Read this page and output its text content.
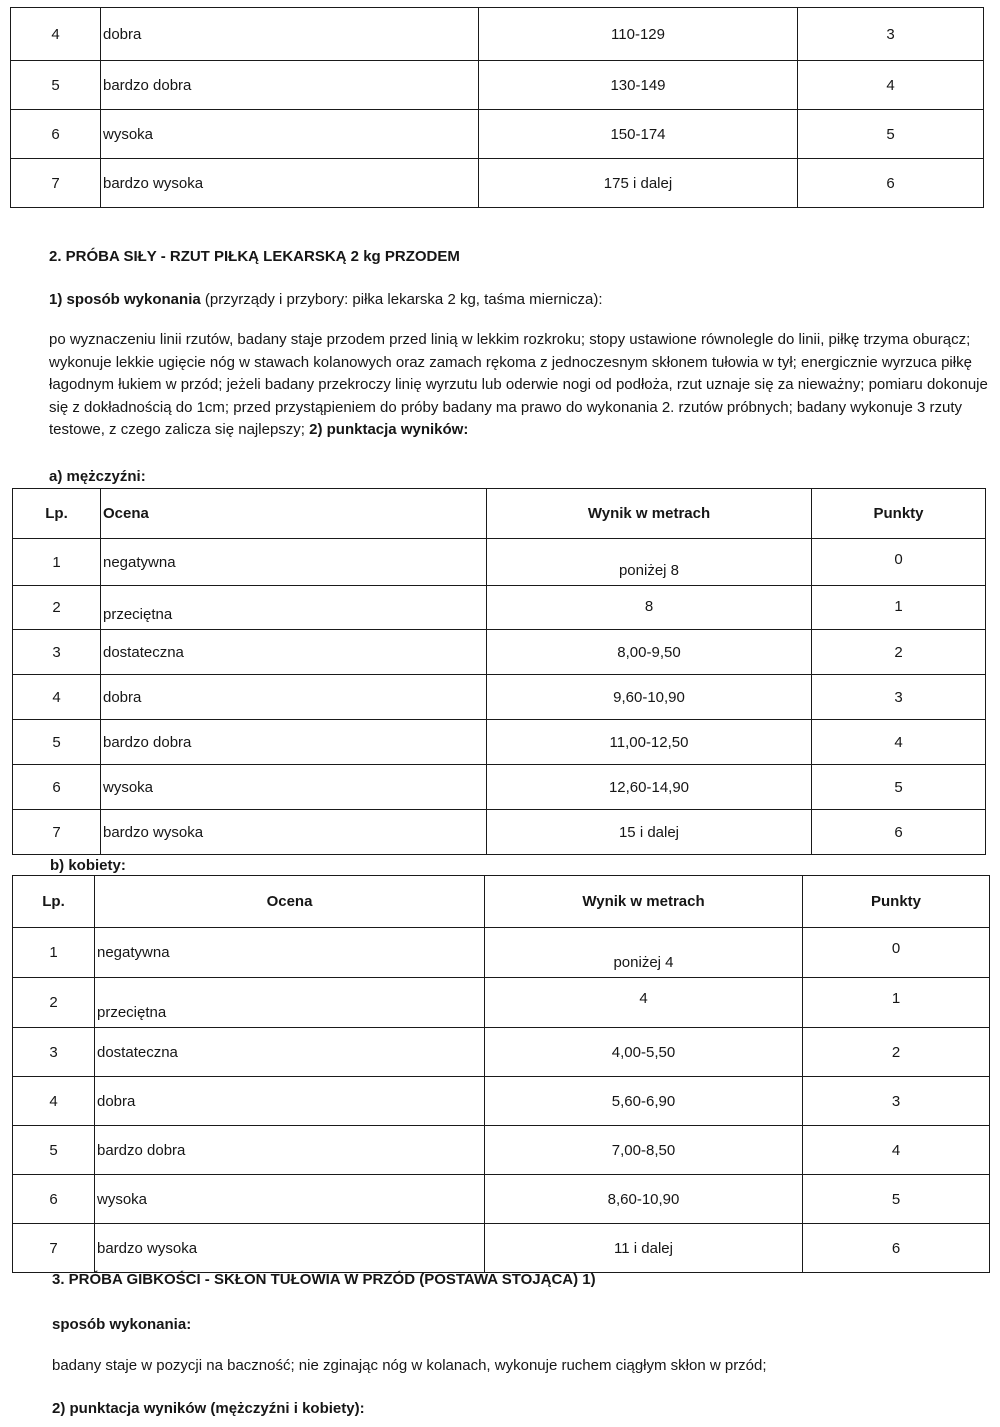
4	dobra	110-129	3
5	bardzo dobra	130-149	4
6	wysoka	150-174	5
7	bardzo wysoka	175 i dalej	6
2. PRÓBA SIŁY - RZUT PIŁKĄ LEKARSKĄ 2 kg PRZODEM
1) sposób wykonania (przyrządy i przybory: piłka lekarska 2 kg, taśma miernicza):
po wyznaczeniu linii rzutów, badany staje przodem przed linią w lekkim rozkroku; stopy ustawione równolegle do linii, piłkę trzyma oburącz; wykonuje lekkie ugięcie nóg w stawach kolanowych oraz zamach rękoma z jednoczesnym skłonem tułowia w tył; energicznie wyrzuca piłkę łagodnym łukiem w przód; jeżeli badany przekroczy linię wyrzutu lub oderwie nogi od podłoża, rzut uznaje się za nieważny; pomiaru dokonuje się z dokładnością do 1cm; przed przystąpieniem do próby badany ma prawo do wykonania 2. rzutów próbnych; badany wykonuje 3 rzuty testowe, z czego zalicza się najlepszy; 2) punktacja wyników:
a) mężczyźni:
Lp.	Ocena	Wynik w metrach	Punkty
1	negatywna	poniżej 8	0
2	przeciętna	8	1
3	dostateczna	8,00-9,50	2
4	dobra	9,60-10,90	3
5	bardzo dobra	11,00-12,50	4
6	wysoka	12,60-14,90	5
7	bardzo wysoka	15 i dalej	6
b) kobiety:
Lp.	Ocena	Wynik w metrach	Punkty
1	negatywna	poniżej 4	0
2	przeciętna	4	1
3	dostateczna	4,00-5,50	2
4	dobra	5,60-6,90	3
5	bardzo dobra	7,00-8,50	4
6	wysoka	8,60-10,90	5
7	bardzo wysoka	11 i dalej	6
3. PRÓBA GIBKOŚCI - SKŁON TUŁOWIA W PRZÓD (POSTAWA STOJĄCA) 1)
sposób wykonania:
badany staje w pozycji na baczność; nie zginając nóg w kolanach, wykonuje ruchem ciągłym skłon w przód;
2) punktacja wyników (mężczyźni i kobiety):
